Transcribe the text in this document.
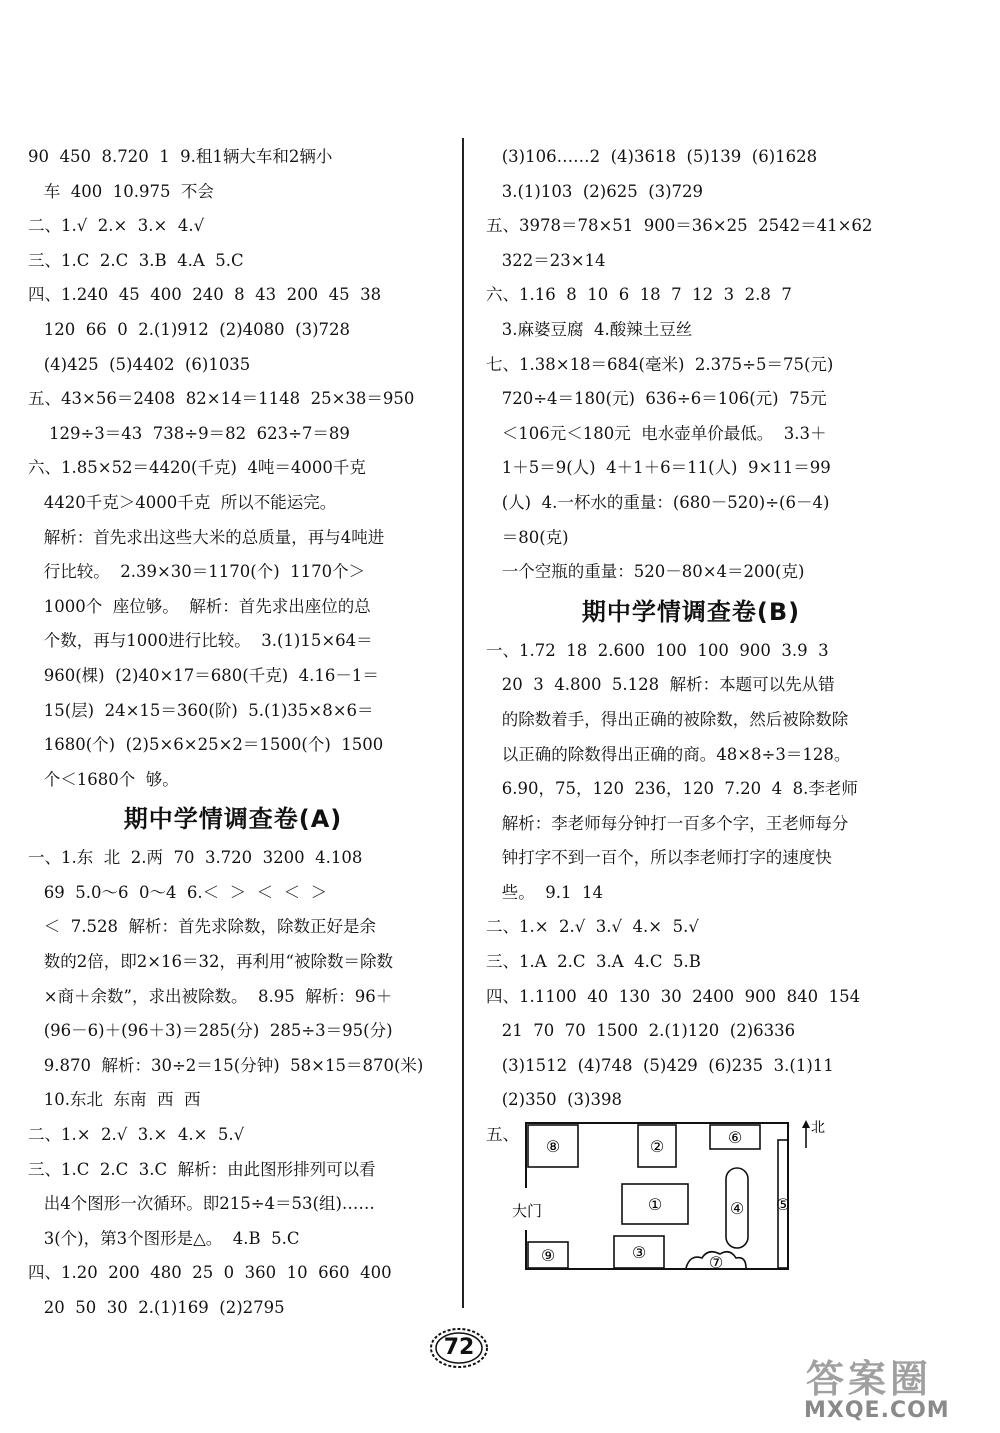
90  450  8.720  1  9.租1辆大车和2辆小
车  400  10.975  不会
二、1.√  2.×  3.×  4.√
三、1.C  2.C  3.B  4.A  5.C
四、1.240  45  400  240  8  43  200  45  38
120  66  0  2.(1)912  (2)4080  (3)728
(4)425  (5)4402  (6)1035
五、43×56＝2408  82×14＝1148  25×38＝950
129÷3＝43  738÷9＝82  623÷7＝89
六、1.85×52＝4420(千克)  4吨＝4000千克
4420千克＞4000千克  所以不能运完。
解析：首先求出这些大米的总质量，再与4吨进
行比较。  2.39×30＝1170(个)  1170个＞
1000个  座位够。  解析：首先求出座位的总
个数，再与1000进行比较。  3.(1)15×64＝
960(棵)  (2)40×17＝680(千克)  4.16－1＝
15(层)  24×15＝360(阶)  5.(1)35×8×6＝
1680(个)  (2)5×6×25×2＝1500(个)  1500
个＜1680个  够。
期中学情调查卷(A)
一、1.东  北  2.两  70  3.720  3200  4.108
69  5.0～6  0～4  6.＜  ＞  ＜  ＜  ＞
＜  7.528  解析：首先求除数，除数正好是余
数的2倍，即2×16＝32，再利用“被除数＝除数
×商＋余数”，求出被除数。  8.95  解析：96＋
(96－6)＋(96＋3)＝285(分)  285÷3＝95(分)
9.870  解析：30÷2＝15(分钟)  58×15＝870(米)
10.东北  东南  西  西
二、1.×  2.√  3.×  4.×  5.√
三、1.C  2.C  3.C  解析：由此图形排列可以看
出4个图形一次循环。即215÷4＝53(组)……
3(个)，第3个图形是△。  4.B  5.C
四、1.20  200  480  25  0  360  10  660  400
20  50  30  2.(1)169  (2)2795
(3)106……2  (4)3618  (5)139  (6)1628
3.(1)103  (2)625  (3)729
五、3978＝78×51  900＝36×25  2542＝41×62
322＝23×14
六、1.16  8  10  6  18  7  12  3  2.8  7
3.麻婆豆腐  4.酸辣土豆丝
七、1.38×18＝684(毫米)  2.375÷5＝75(元)
720÷4＝180(元)  636÷6＝106(元)  75元
＜106元＜180元  电水壶单价最低。  3.3＋
1＋5＝9(人)  4＋1＋6＝11(人)  9×11＝99
(人)  4.一杯水的重量：(680－520)÷(6－4)
＝80(克)
一个空瓶的重量：520－80×4＝200(克)
期中学情调查卷(B)
一、1.72  18  2.600  100  100  900  3.9  3
20  3  4.800  5.128  解析：本题可以先从错
的除数着手，得出正确的被除数，然后被除数除
以正确的除数得出正确的商。48×8÷3＝128。
6.90，75，120  236，120  7.20  4  8.李老师
解析：李老师每分钟打一百多个字，王老师每分
钟打字不到一百个，所以李老师打字的速度快
些。  9.1  14
二、1.×  2.√  3.√  4.×  5.√
三、1.A  2.C  3.A  4.C  5.B
四、1.1100  40  130  30  2400  900  840  154
21  70  70  1500  2.(1)120  (2)6336
(3)1512  (4)748  (5)429  (6)235  3.(1)11
(2)350  (3)398
五、	北
大门	①
②
③
④ ⑤
⑥
⑦
⑧
⑨
72
答案圈
MXQE.COM
